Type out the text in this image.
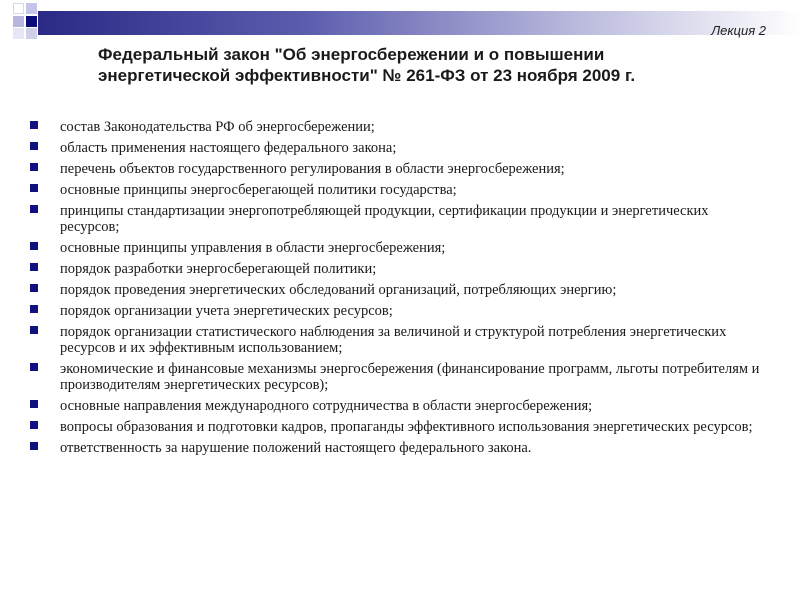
Лекция 2
Федеральный закон "Об энергосбережении и о повышении
энергетической эффективности" № 261-ФЗ от 23 ноября 2009 г.
состав Законодательства РФ об энергосбережении;
область применения настоящего федерального закона;
перечень объектов государственного регулирования в области энергосбережения;
основные принципы энергосберегающей политики государства;
принципы стандартизации энергопотребляющей продукции, сертификации продукции и энергетических ресурсов;
основные принципы управления в области энергосбережения;
порядок разработки энергосберегающей политики;
порядок проведения энергетических обследований организаций, потребляющих энергию;
порядок организации учета энергетических ресурсов;
порядок организации статистического наблюдения за величиной и структурой потребления энергетических ресурсов и их эффективным использованием;
экономические и финансовые механизмы энергосбережения (финансирование программ, льготы потребителям и производителям энергетических ресурсов);
основные направления международного сотрудничества в области энергосбережения;
вопросы образования и подготовки кадров, пропаганды эффективного использования энергетических ресурсов;
ответственность за нарушение положений настоящего федерального закона.
